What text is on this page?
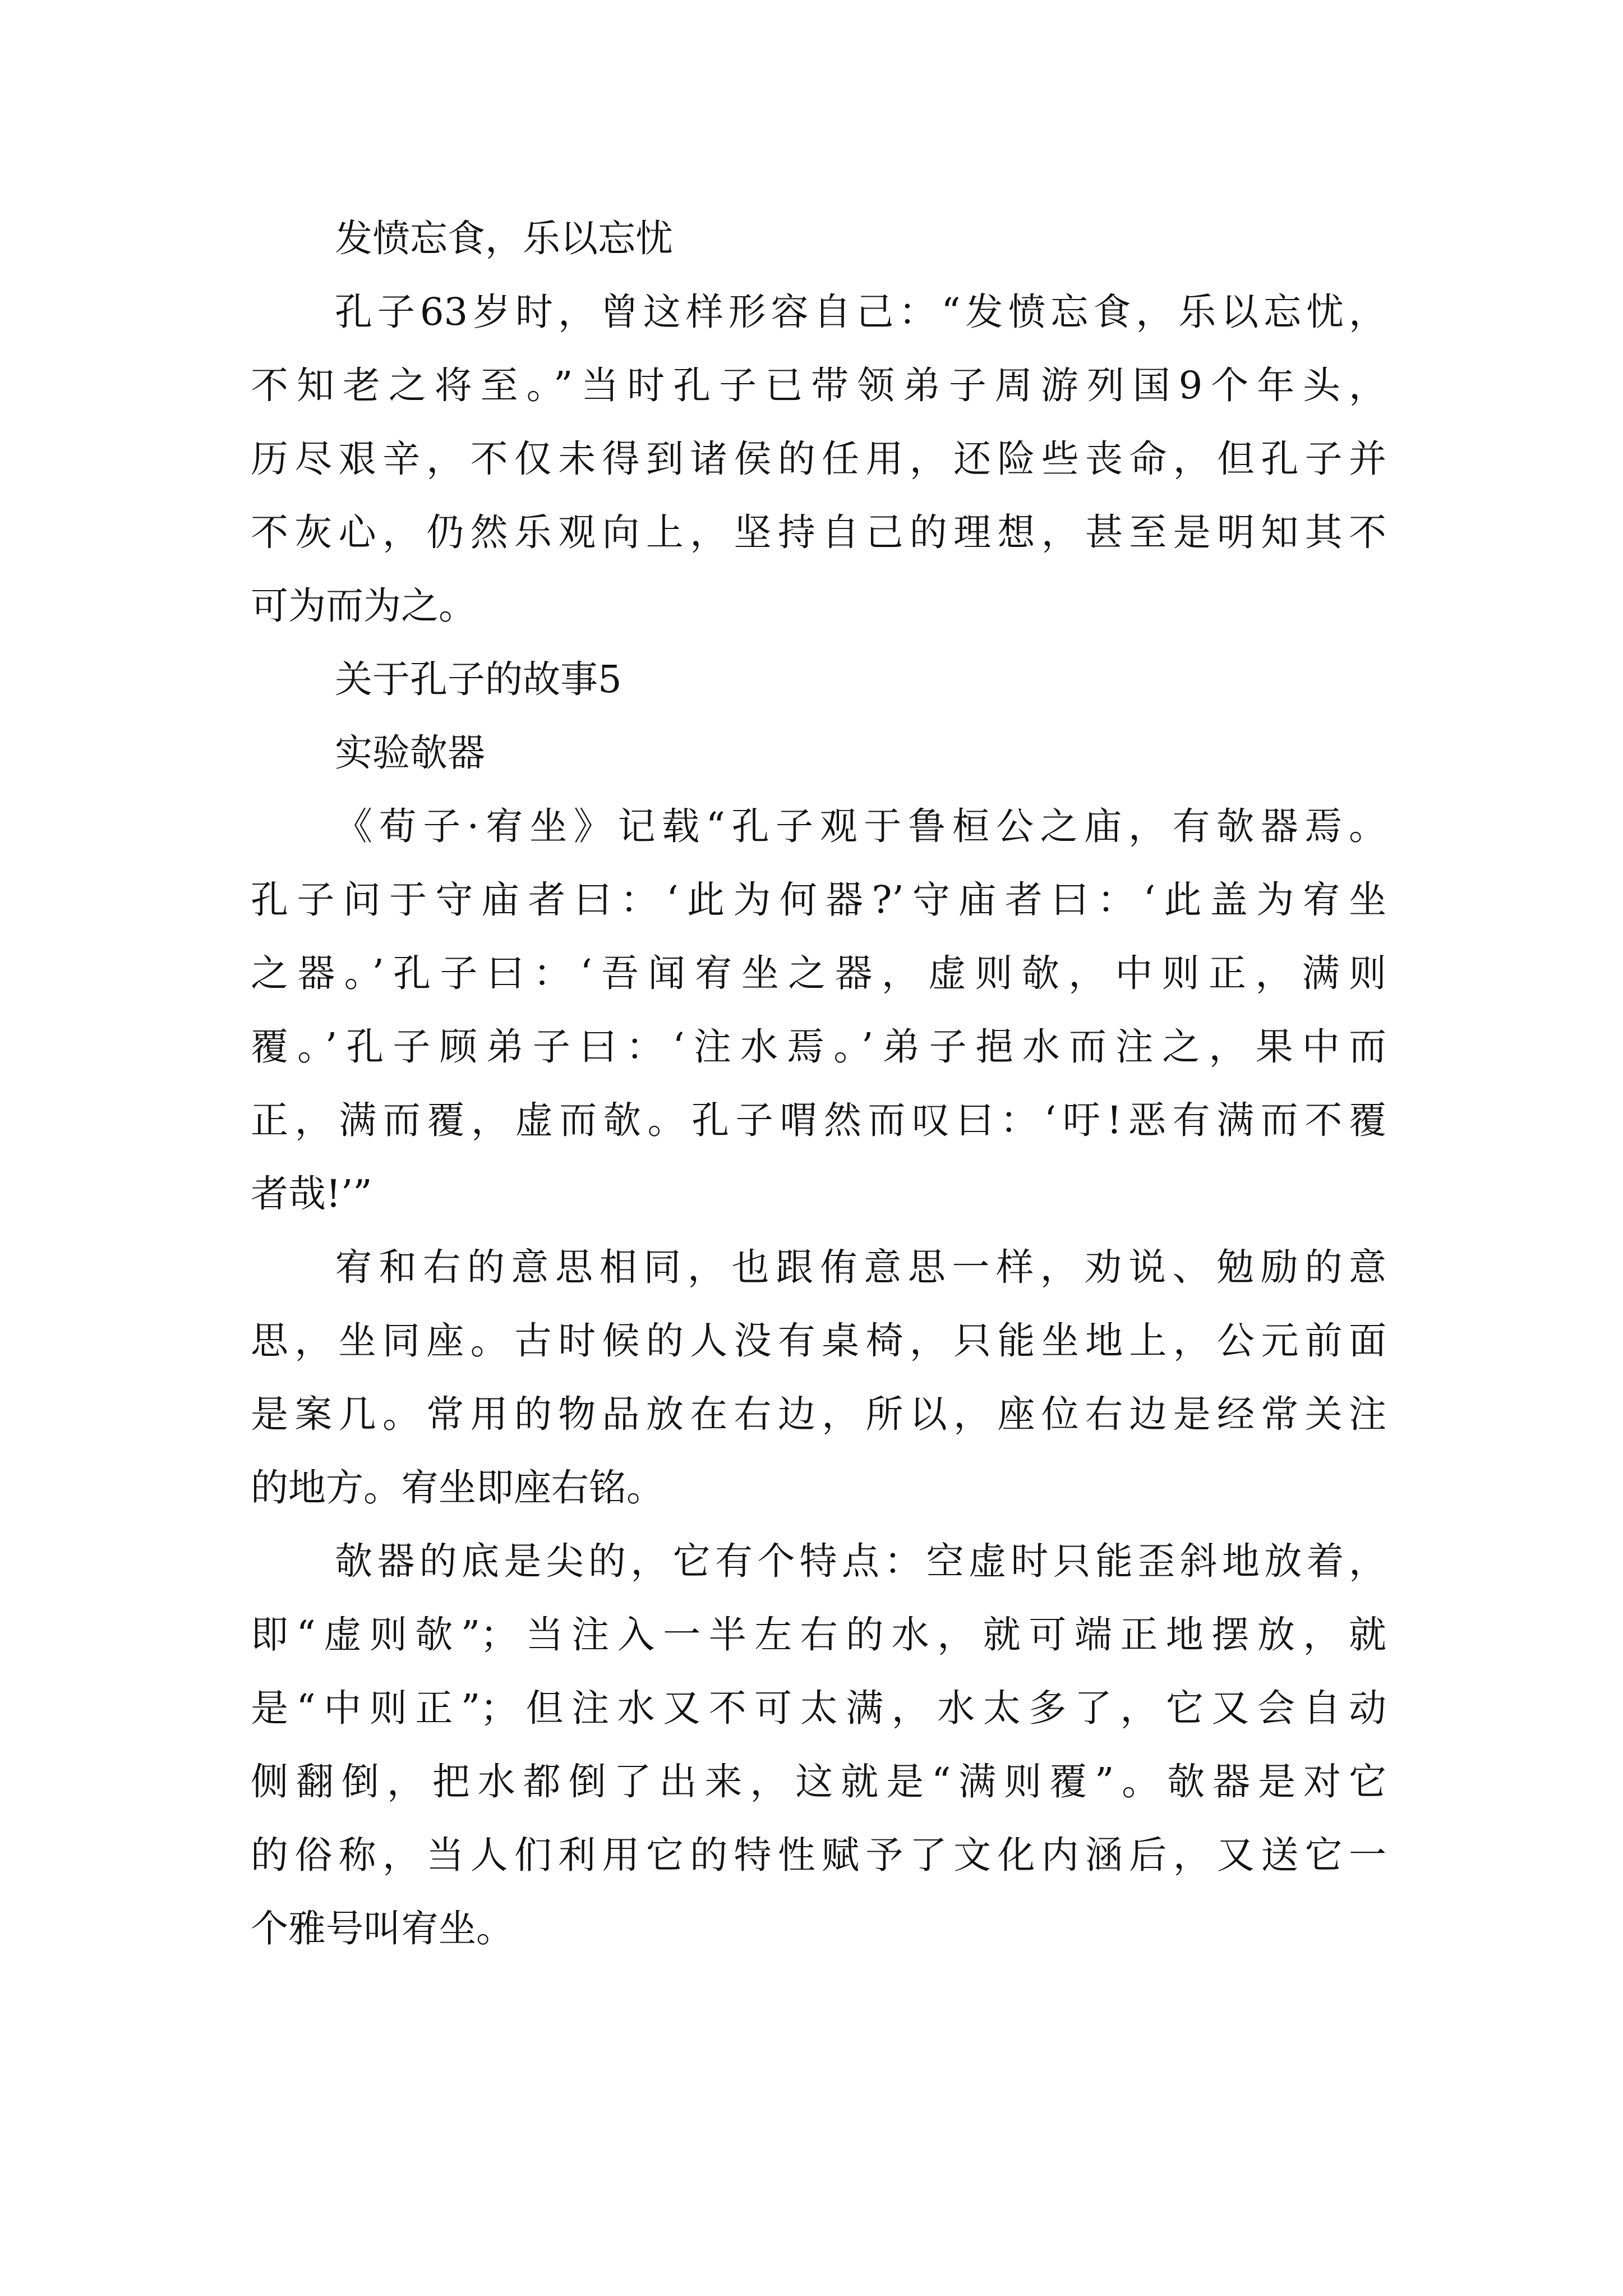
发愤忘食，乐以忘忧
孔子63岁时，曾这样形容自己：“发愤忘食，乐以忘忧，
不知老之将至。”当时孔子已带领弟子周游列国9个年头，
历尽艰辛，不仅未得到诸侯的任用，还险些丧命，但孔子并
不灰心，仍然乐观向上，坚持自己的理想，甚至是明知其不
可为而为之。
关于孔子的故事5
实验欹器
《荀子·宥坐》记载“孔子观于鲁桓公之庙，有欹器焉。
孔子问于守庙者曰：‘此为何器?’守庙者曰：‘此盖为宥坐
之器。’孔子曰：‘吾闻宥坐之器，虚则欹，中则正，满则
覆。’孔子顾弟子曰：‘注水焉。’弟子挹水而注之，果中而
正，满而覆，虚而欹。孔子喟然而叹曰：‘吁!恶有满而不覆
者哉!’”
宥和右的意思相同，也跟侑意思一样，劝说、勉励的意
思，坐同座。古时候的人没有桌椅，只能坐地上，公元前面
是案几。常用的物品放在右边，所以，座位右边是经常关注
的地方。宥坐即座右铭。
欹器的底是尖的，它有个特点：空虚时只能歪斜地放着，
即“虚则欹”；当注入一半左右的水，就可端正地摆放，就
是“中则正”；但注水又不可太满，水太多了，它又会自动
侧翻倒，把水都倒了出来，这就是“满则覆”。欹器是对它
的俗称，当人们利用它的特性赋予了文化内涵后，又送它一
个雅号叫宥坐。
